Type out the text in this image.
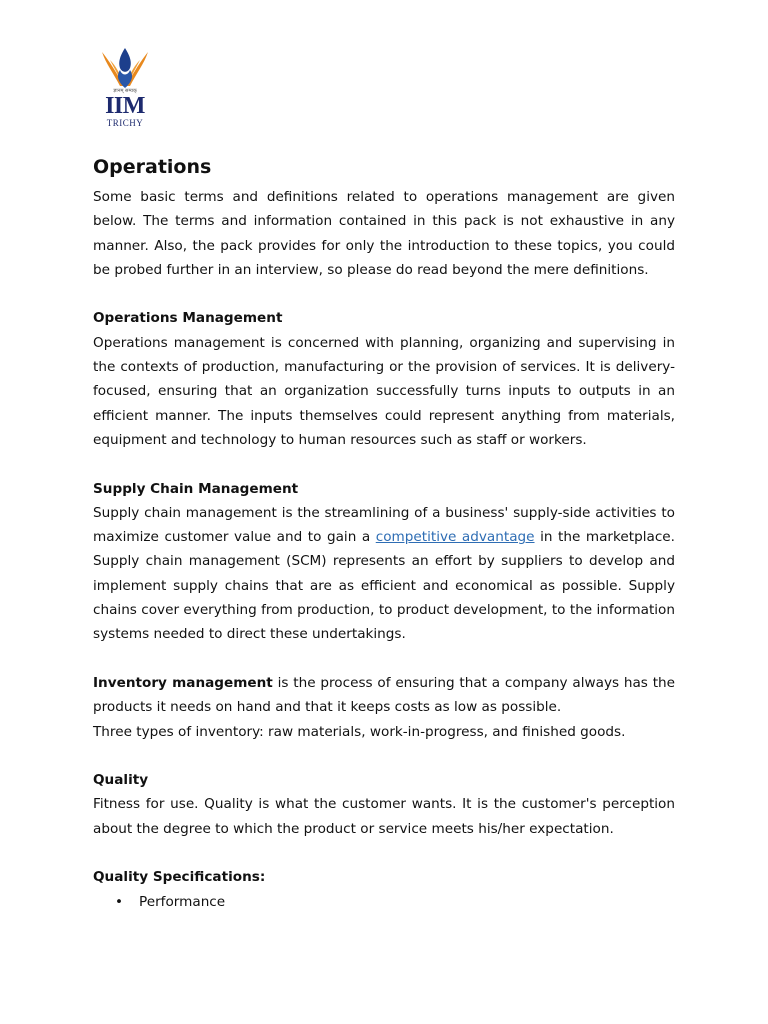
ज्ञानम् सम्यक्
IIM
TRICHY
Operations

Some basic terms and definitions related to operations management are given below. The terms and information contained in this pack is not exhaustive in any manner. Also, the pack provides for only the introduction to these topics, you could be probed further in an interview, so please do read beyond the mere definitions.

Operations Management

Operations management is concerned with planning, organizing and supervising in the contexts of production, manufacturing or the provision of services. It is delivery-focused, ensuring that an organization successfully turns inputs to outputs in an efficient manner. The inputs themselves could represent anything from materials, equipment and technology to human resources such as staff or workers.

Supply Chain Management

Supply chain management is the streamlining of a business' supply-side activities to maximize customer value and to gain a competitive advantage in the marketplace. Supply chain management (SCM) represents an effort by suppliers to develop and implement supply chains that are as efficient and economical as possible. Supply chains cover everything from production, to product development, to the information systems needed to direct these undertakings.

Inventory management is the process of ensuring that a company always has the products it needs on hand and that it keeps costs as low as possible.

Three types of inventory: raw materials, work-in-progress, and finished goods.

Quality

Fitness for use. Quality is what the customer wants. It is the customer's perception about the degree to which the product or service meets his/her expectation.

Quality Specifications:

• Performance
